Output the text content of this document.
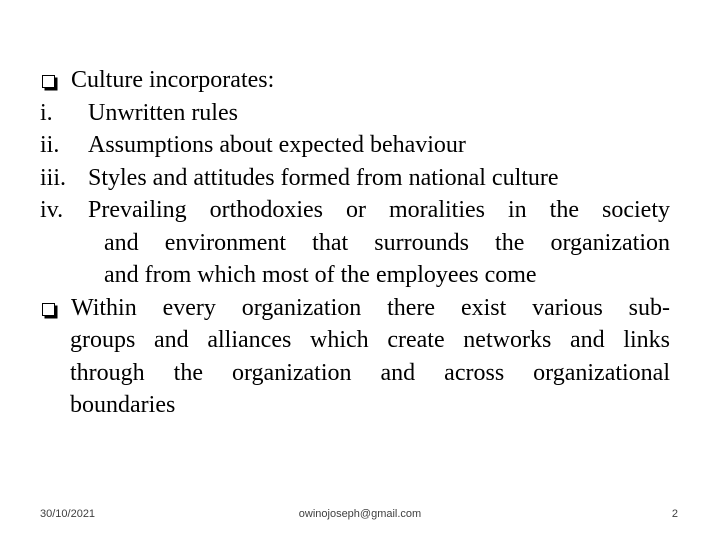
Culture incorporates:
i. Unwritten rules
ii. Assumptions about expected behaviour
iii. Styles and attitudes formed from national culture
iv. Prevailing orthodoxies or moralities in the society
and environment that surrounds the organization
and from which most of the employees come
Within every organization there exist various sub-
groups and alliances which create networks and links
through the organization and across organizational
boundaries
30/10/2021	owinojoseph@gmail.com	2
